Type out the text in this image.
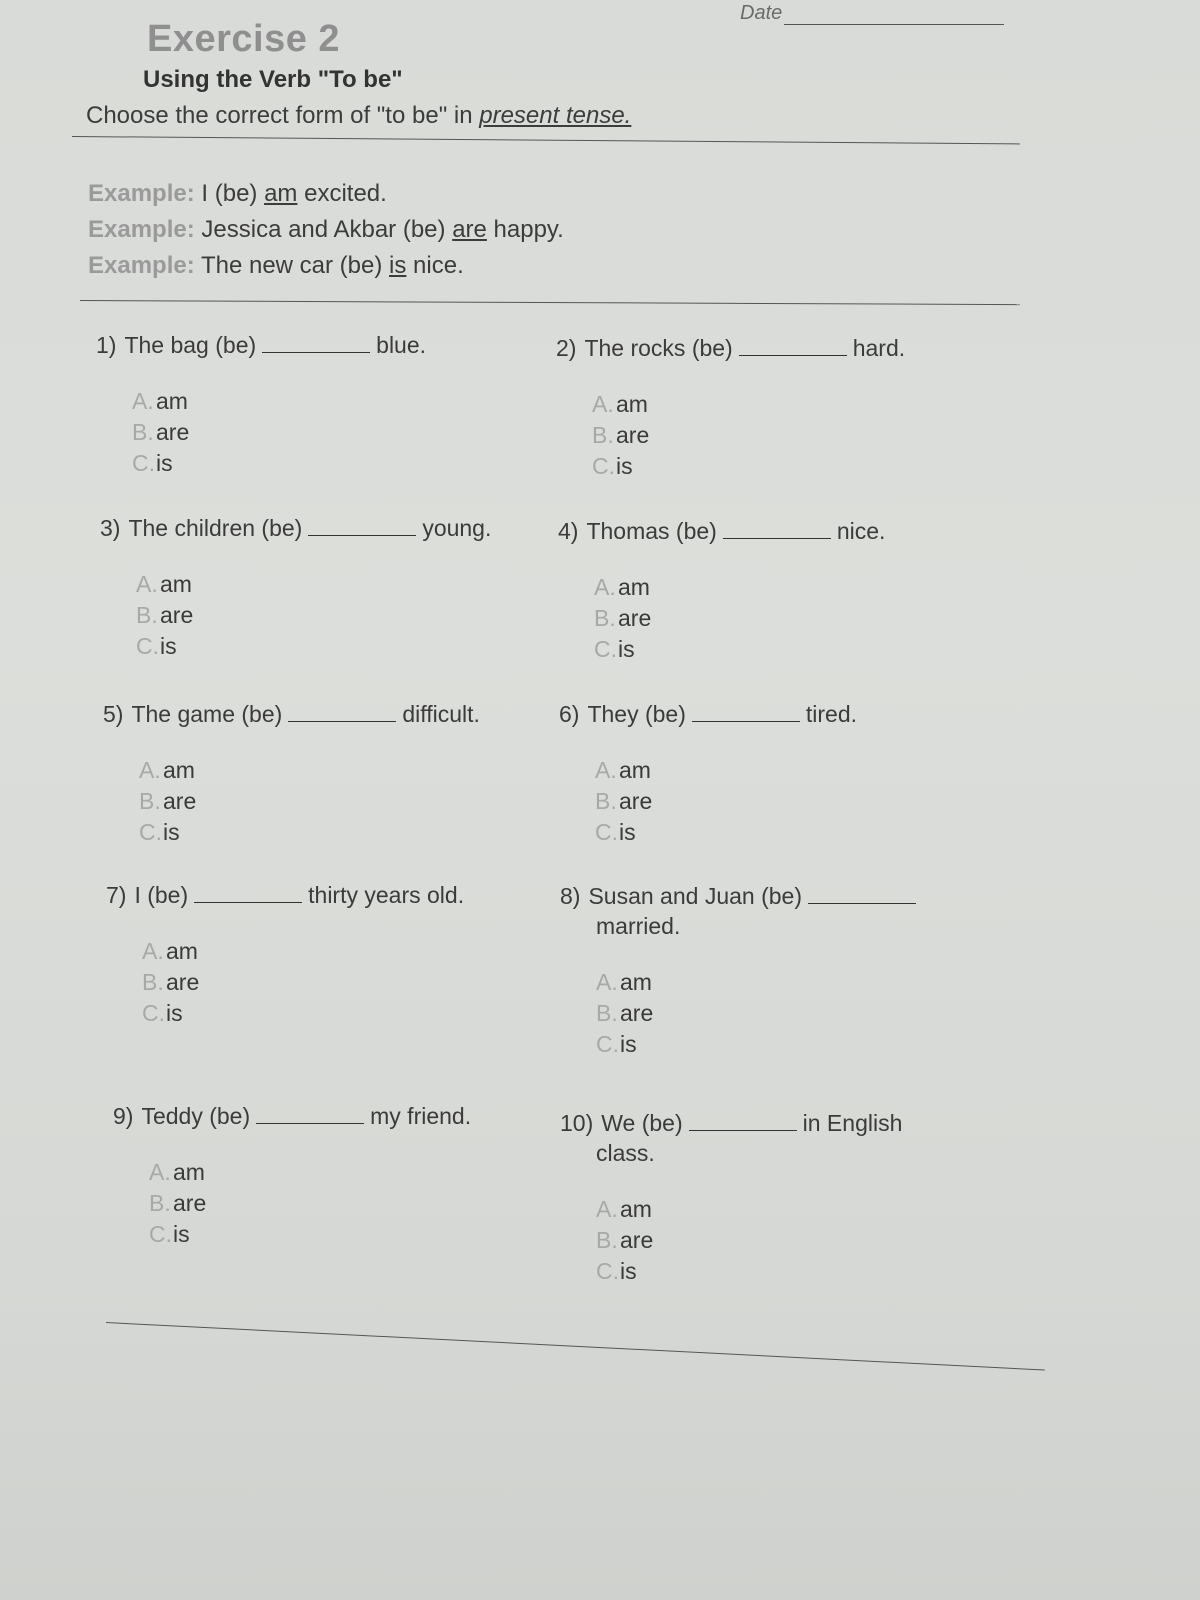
Date
Exercise 2
Using the Verb "To be"
Choose the correct form of "to be" in present tense.
Example: I (be) am excited.
Example: Jessica and Akbar (be) are happy.
Example: The new car (be) is nice.
1) The bag (be)	blue.
A.am
B.are
C.is
2) The rocks (be)	hard.
A.am
B.are
C.is
3) The children (be)	young.
A.am
B.are
C.is
4) Thomas (be)	nice.
A.am
B.are
C.is
5) The game (be)	difficult.
A.am
B.are
C.is
6) They (be)	tired.
A.am
B.are
C.is
7) I (be)	thirty years old.
A.am
B.are
C.is
8) Susan and Juan (be)
married.
A.am
B.are
C.is
9) Teddy (be)	my friend.
A.am
B.are
C.is
10) We (be)	in English
class.
A.am
B.are
C.is
